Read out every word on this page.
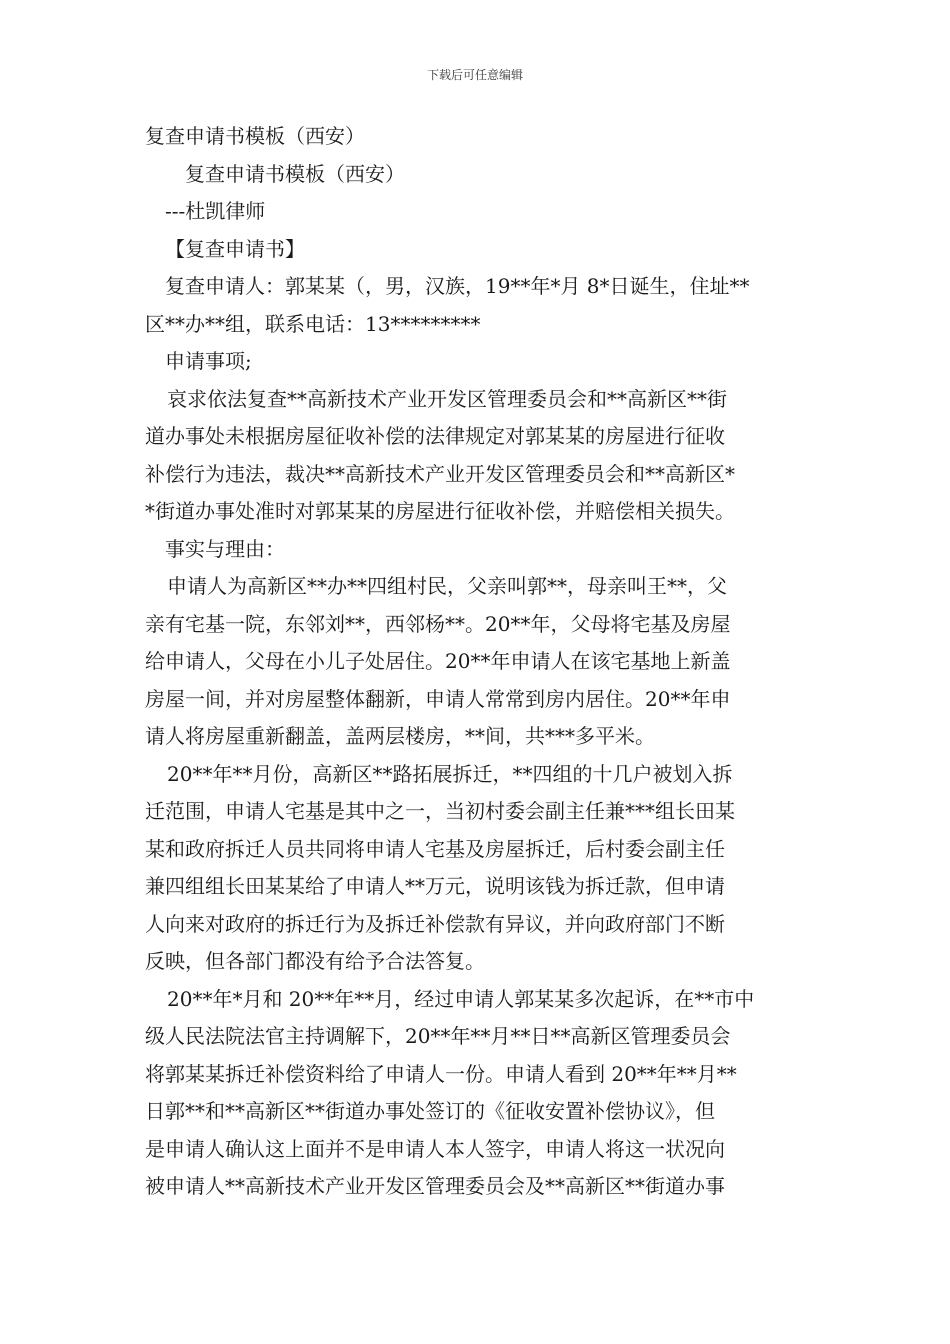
下载后可任意编辑
复查申请书模板（西安）
复查申请书模板（西安）
---杜凯律师
【复查申请书】
复查申请人：郭某某（，男，汉族，19**年*月 8*日诞生，住址**
区**办**组，联系电话：13*********
申请事项;
哀求依法复查**高新技术产业开发区管理委员会和**高新区**街
道办事处未根据房屋征收补偿的法律规定对郭某某的房屋进行征收
补偿行为违法，裁决**高新技术产业开发区管理委员会和**高新区*
*街道办事处准时对郭某某的房屋进行征收补偿，并赔偿相关损失。
事实与理由：
申请人为高新区**办**四组村民，父亲叫郭**，母亲叫王**，父
亲有宅基一院，东邻刘**，西邻杨**。20**年，父母将宅基及房屋
给申请人，父母在小儿子处居住。20**年申请人在该宅基地上新盖
房屋一间，并对房屋整体翻新，申请人常常到房内居住。20**年申
请人将房屋重新翻盖，盖两层楼房，**间，共***多平米。
20**年**月份，高新区**路拓展拆迁，**四组的十几户被划入拆
迁范围，申请人宅基是其中之一，当初村委会副主任兼***组长田某
某和政府拆迁人员共同将申请人宅基及房屋拆迁，后村委会副主任
兼四组组长田某某给了申请人**万元，说明该钱为拆迁款，但申请
人向来对政府的拆迁行为及拆迁补偿款有异议，并向政府部门不断
反映，但各部门都没有给予合法答复。
20**年*月和 20**年**月，经过申请人郭某某多次起诉，在**市中
级人民法院法官主持调解下，20**年**月**日**高新区管理委员会
将郭某某拆迁补偿资料给了申请人一份。申请人看到 20**年**月**
日郭**和**高新区**街道办事处签订的《征收安置补偿协议》，但
是申请人确认这上面并不是申请人本人签字，申请人将这一状况向
被申请人**高新技术产业开发区管理委员会及**高新区**街道办事
